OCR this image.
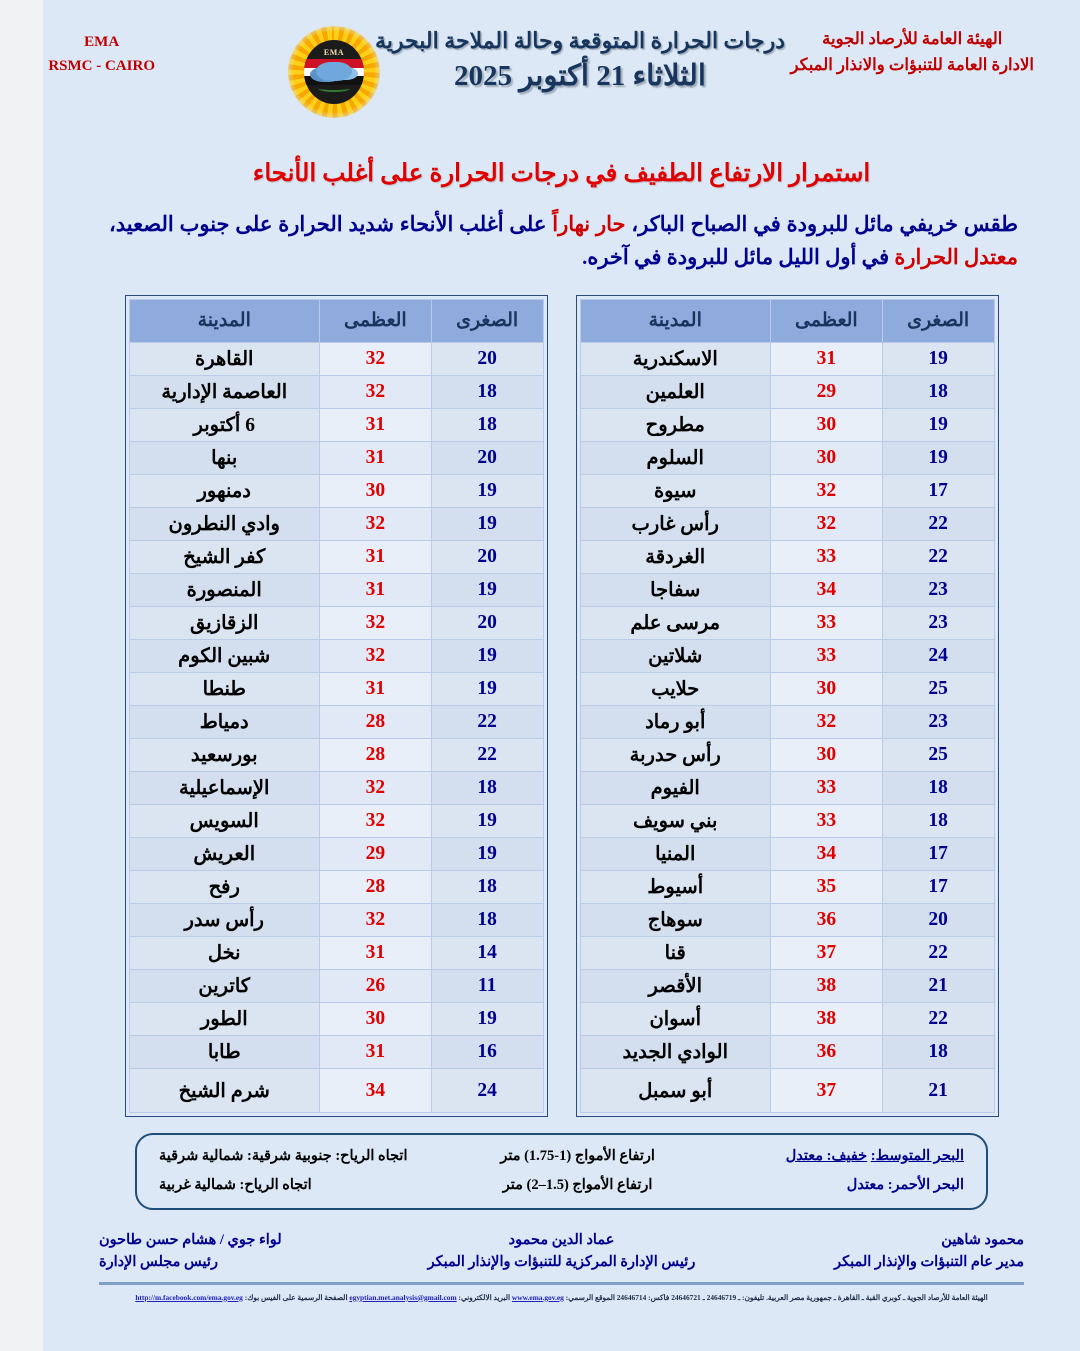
الهيئة العامة للأرصاد الجوية
الادارة العامة للتنبؤات والانذار المبكر
درجات الحرارة المتوقعة وحالة الملاحة البحرية
الثلاثاء 21 أكتوبر 2025
EMA
EMA
RSMC - CAIRO
استمرار الارتفاع الطفيف في درجات الحرارة على أغلب الأنحاء
طقس خريفي مائل للبرودة في الصباح الباكر، حار نهاراً على أغلب الأنحاء شديد الحرارة على جنوب الصعيد، معتدل الحرارة في أول الليل مائل للبرودة في آخره.
الصغرى	العظمى	المدينة
19	31	الاسكندرية
18	29	العلمين
19	30	مطروح
19	30	السلوم
17	32	سيوة
22	32	رأس غارب
22	33	الغردقة
23	34	سفاجا
23	33	مرسى علم
24	33	شلاتين
25	30	حلايب
23	32	أبو رماد
25	30	رأس حدربة
18	33	الفيوم
18	33	بني سويف
17	34	المنيا
17	35	أسيوط
20	36	سوهاج
22	37	قنا
21	38	الأقصر
22	38	أسوان
18	36	الوادي الجديد
21	37	أبو سمبل
الصغرى	العظمى	المدينة
20	32	القاهرة
18	32	العاصمة الإدارية
18	31	6 أكتوبر
20	31	بنها
19	30	دمنهور
19	32	وادي النطرون
20	31	كفر الشيخ
19	31	المنصورة
20	32	الزقازيق
19	32	شبين الكوم
19	31	طنطا
22	28	دمياط
22	28	بورسعيد
18	32	الإسماعيلية
19	32	السويس
19	29	العريش
18	28	رفح
18	32	رأس سدر
14	31	نخل
11	26	كاترين
19	30	الطور
16	31	طابا
24	34	شرم الشيخ
البحر المتوسط: خفيف: معتدل
ارتفاع الأمواج (1-1.75) متر
اتجاه الرياح: جنوبية شرقية: شمالية شرقية
البحر الأحمر: معتدل
ارتفاع الأمواج (1.5–2) متر
اتجاه الرياح: شمالية غربية
محمود شاهين
مدير عام التنبؤات والإنذار المبكر
عماد الدين محمود
رئيس الإدارة المركزية للتنبؤات والإنذار المبكر
لواء جوي / هشام حسن طاحون
رئيس مجلس الإدارة
الهيئة العامة للأرصاد الجوية ـ كوبري القبة ـ القاهرة ـ جمهورية مصر العربية. تليفون: ـ 24646719 ـ 24646721 فاكس: 24646714 الموقع الرسمي: www.ema.gov.eg البريد الالكتروني: egyptian.met.analysis@gmail.com الصفحة الرسمية على الفيس بوك: http://m.facebook.com/ema.gov.eg
